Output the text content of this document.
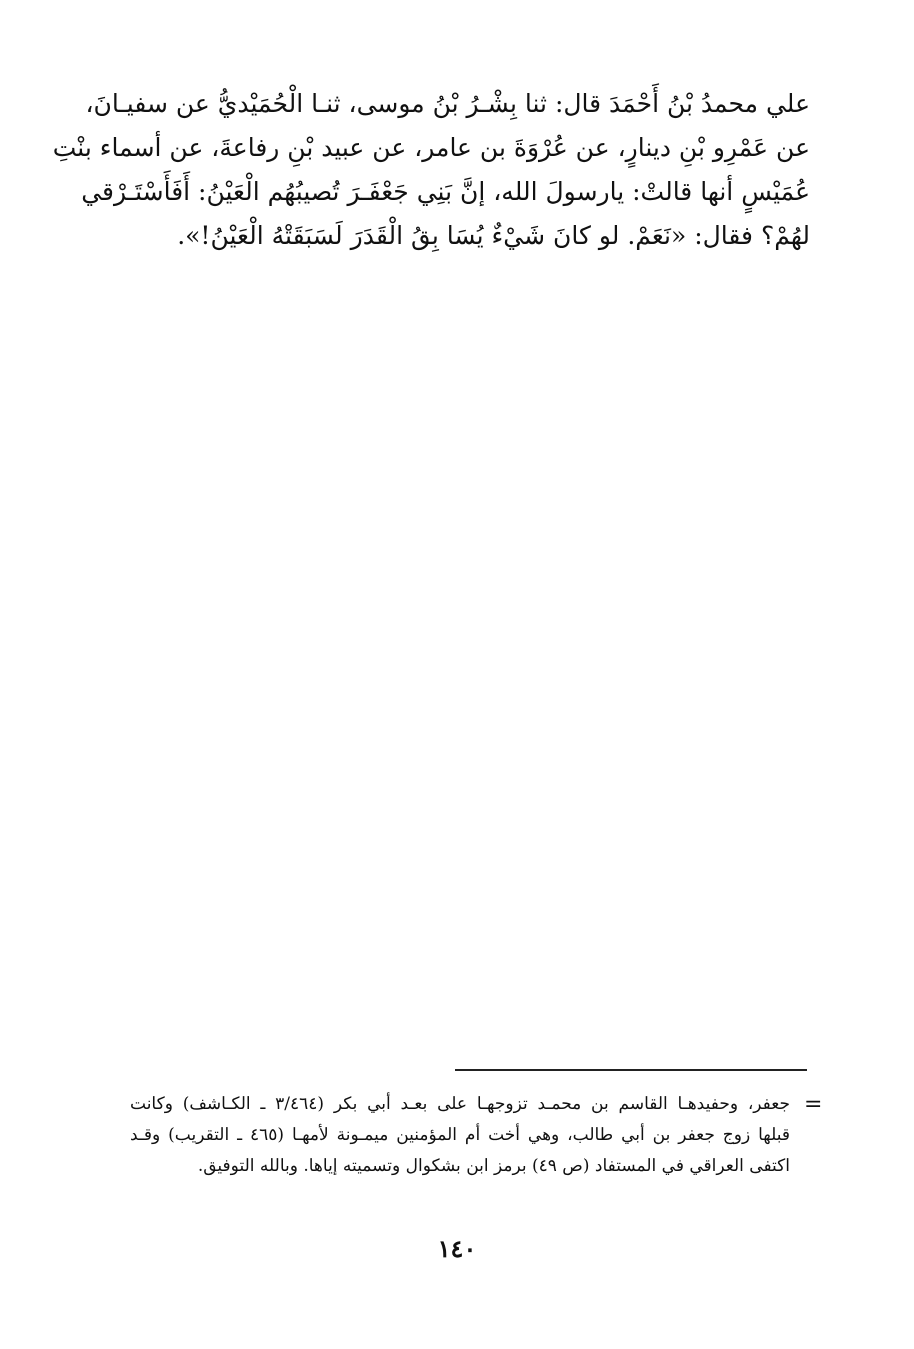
علي محمدُ بْنُ أَحْمَدَ قال: ثنا بِشْـرُ بْنُ موسى، ثنـا الْحُمَيْديُّ عن سفيـانَ،
عن عَمْرِو بْنِ دينارٍ، عن عُرْوَةَ بن عامر، عن عبيد بْنِ رفاعةَ، عن أسماء بنْتِ
عُمَيْسٍ أنها قالتْ: يارسولَ الله، إنَّ بَنِي جَعْفَـرَ تُصيبُهُم الْعَيْنُ: أَفَأَسْتَـرْقي
لهُمْ؟ فقال: «نَعَمْ. لو كانَ شَيْءٌ يُسَا بِقُ الْقَدَرَ لَسَبَقَتْهُ الْعَيْنُ!».
=
جعفر، وحفيدهـا القاسم بن محمـد تزوجهـا على بعـد أبي بكر (٣/٤٦٤ ـ الكـاشف) وكانت
قبلها زوج جعفر بن أبي طالب، وهي أخت أم المؤمنين ميمـونة لأمهـا (٤٦٥ ـ التقريب) وقـد
اكتفى العراقي في المستفاد (ص ٤٩) برمز ابن بشكوال وتسميته إياها. وبالله التوفيق.
١٤٠
